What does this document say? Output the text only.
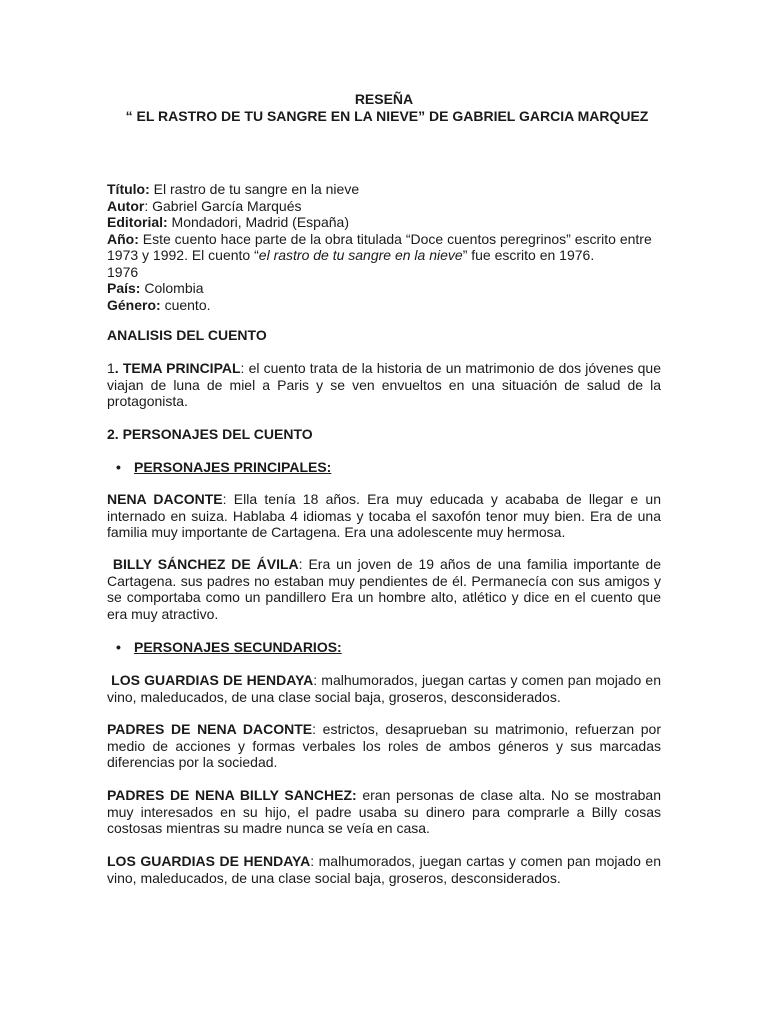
RESEÑA
“ EL RASTRO DE TU SANGRE EN LA NIEVE” DE GABRIEL GARCIA MARQUEZ
Título: El rastro de tu sangre en la nieve
Autor: Gabriel García Marqués
Editorial: Mondadori, Madrid (España)
Año: Este cuento hace parte de la obra titulada “Doce cuentos peregrinos” escrito entre 1973 y 1992. El cuento “el rastro de tu sangre en la nieve” fue escrito en 1976.
1976
País: Colombia
Género: cuento.
ANALISIS DEL CUENTO
1. TEMA PRINCIPAL: el cuento trata de la historia de un matrimonio de dos jóvenes que viajan de luna de miel a Paris y se ven envueltos en una situación de salud de la protagonista.
2. PERSONAJES DEL CUENTO
• PERSONAJES PRINCIPALES:
NENA DACONTE: Ella tenía 18 años. Era muy educada y acababa de llegar e un internado en suiza. Hablaba 4 idiomas y tocaba el saxofón tenor muy bien. Era de una familia muy importante de Cartagena. Era una adolescente muy hermosa.
BILLY SÁNCHEZ DE ÁVILA: Era un joven de 19 años de una familia importante de Cartagena. sus padres no estaban muy pendientes de él. Permanecía con sus amigos y se comportaba como un pandillero Era un hombre alto, atlético y dice en el cuento que era muy atractivo.
• PERSONAJES SECUNDARIOS:
LOS GUARDIAS DE HENDAYA: malhumorados, juegan cartas y comen pan mojado en vino, maleducados, de una clase social baja, groseros, desconsiderados.
PADRES DE NENA DACONTE: estrictos, desaprueban su matrimonio, refuerzan por medio de acciones y formas verbales los roles de ambos géneros y sus marcadas diferencias por la sociedad.
PADRES DE NENA BILLY SANCHEZ: eran personas de clase alta. No se mostraban muy interesados en su hijo, el padre usaba su dinero para comprarle a Billy cosas costosas mientras su madre nunca se veía en casa.
LOS GUARDIAS DE HENDAYA: malhumorados, juegan cartas y comen pan mojado en vino, maleducados, de una clase social baja, groseros, desconsiderados.
